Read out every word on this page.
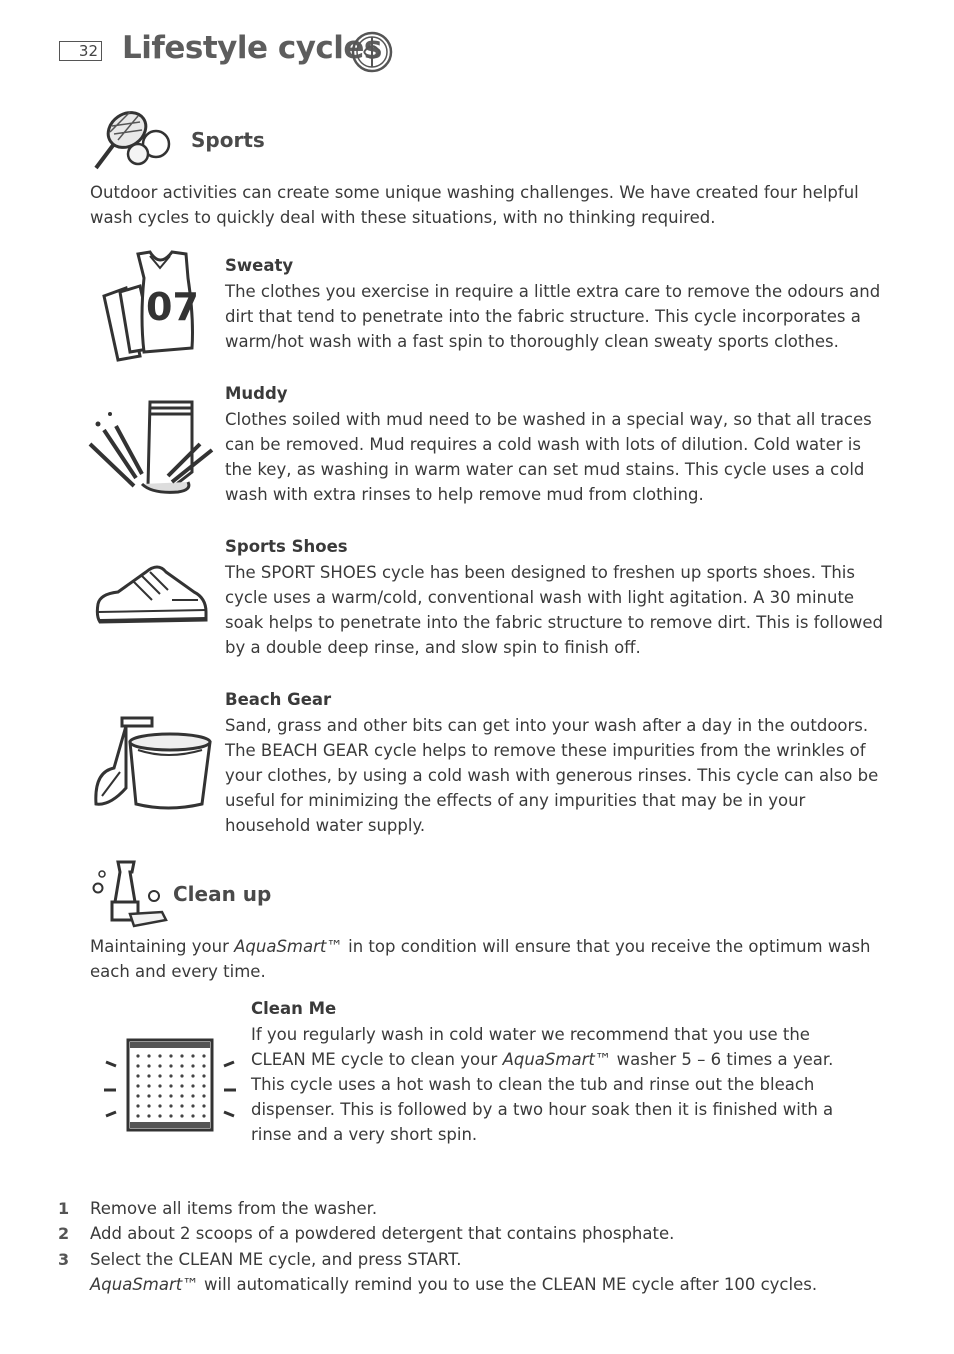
32 Lifestyle cycles
Sports
Outdoor activities can create some unique washing challenges. We have created four helpful wash cycles to quickly deal with these situations, with no thinking required.
07
Sweaty
The clothes you exercise in require a little extra care to remove the odours and dirt that tend to penetrate into the fabric structure. This cycle incorporates a warm/hot wash with a fast spin to thoroughly clean sweaty sports clothes.
Muddy
Clothes soiled with mud need to be washed in a special way, so that all traces can be removed. Mud requires a cold wash with lots of dilution. Cold water is the key, as washing in warm water can set mud stains. This cycle uses a cold wash with extra rinses to help remove mud from clothing.
Sports Shoes
The SPORT SHOES cycle has been designed to freshen up sports shoes. This cycle uses a warm/cold, conventional wash with light agitation. A 30 minute soak helps to penetrate into the fabric structure to remove dirt. This is followed by a double deep rinse, and slow spin to finish off.
Beach Gear
Sand, grass and other bits can get into your wash after a day in the outdoors. The BEACH GEAR cycle helps to remove these impurities from the wrinkles of your clothes, by using a cold wash with generous rinses. This cycle can also be useful for minimizing the effects of any impurities that may be in your household water supply.
Clean up
Maintaining your AquaSmart™ in top condition will ensure that you receive the optimum wash each and every time.
Clean Me
If you regularly wash in cold water we recommend that you use the CLEAN ME cycle to clean your AquaSmart™ washer 5 – 6 times a year. This cycle uses a hot wash to clean the tub and rinse out the bleach dispenser. This is followed by a two hour soak then it is finished with a rinse and a very short spin.
1 Remove all items from the washer.
2 Add about 2 scoops of a powdered detergent that contains phosphate.
3 Select the CLEAN ME cycle, and press START.
AquaSmart™ will automatically remind you to use the CLEAN ME cycle after 100 cycles.
